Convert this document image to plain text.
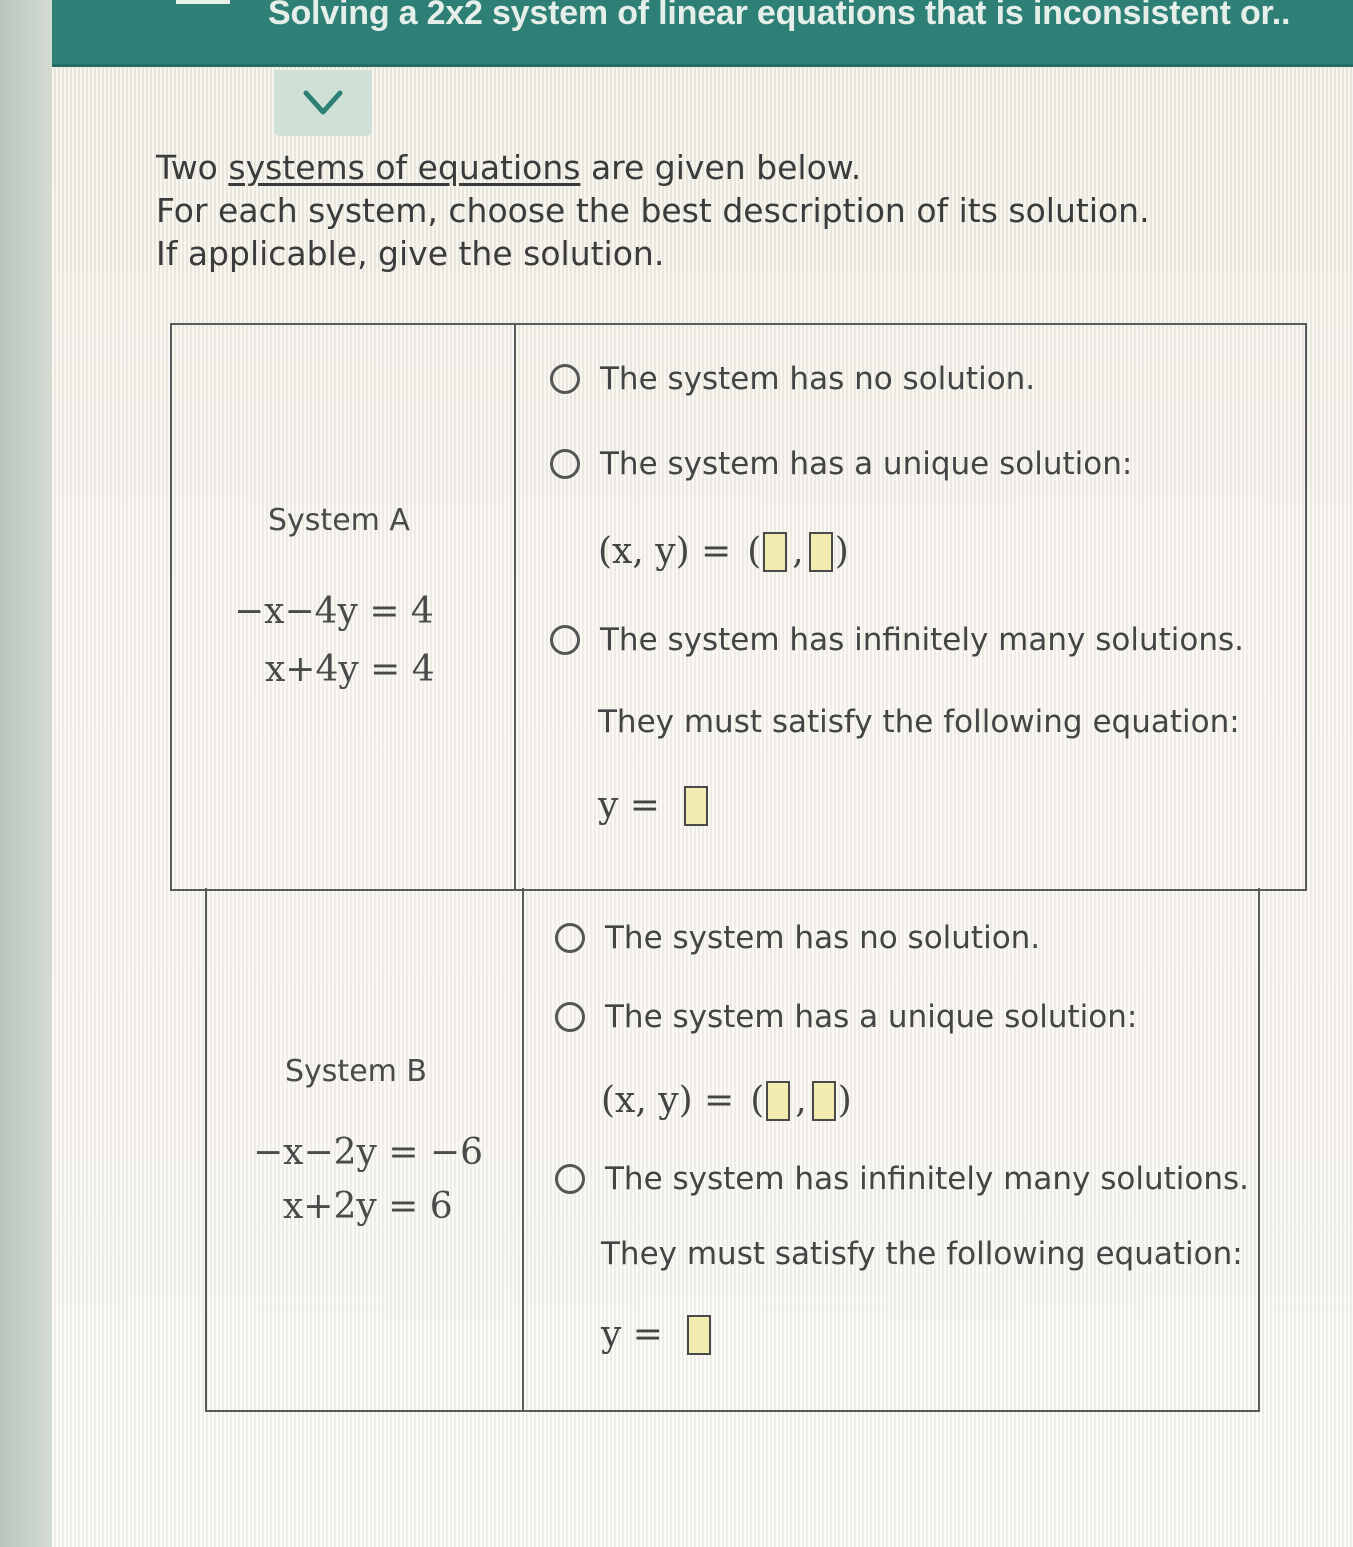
Solving a 2x2 system of linear equations that is inconsistent or..
Two systems of equations are given below.
For each system, choose the best description of its solution.
If applicable, give the solution.
System A
−x−4y = 4
x+4y = 4
The system has no solution.
The system has a unique solution:
(x, y) = ( , )
The system has infinitely many solutions.
They must satisfy the following equation:
y =
System B
−x−2y = −6
x+2y = 6
The system has no solution.
The system has a unique solution:
(x, y) = ( , )
The system has infinitely many solutions.
They must satisfy the following equation:
y =
